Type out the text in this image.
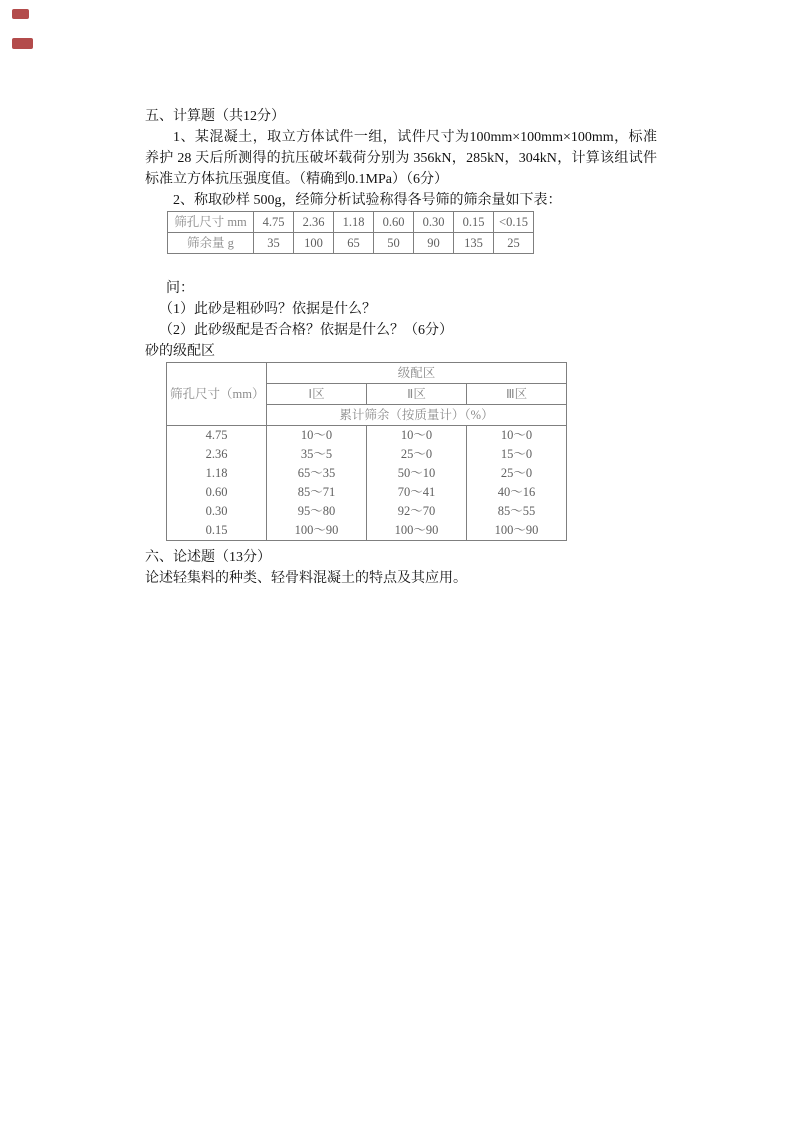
五、计算题（共12分）

1、某混凝土，取立方体试件一组，试件尺寸为100mm×100mm×100mm，标准养护 28 天后所测得的抗压破坏载荷分别为 356kN，285kN，304kN，计算该组试件标准立方体抗压强度值。（精确到0.1MPa）（6分）

2、称取砂样 500g，经筛分析试验称得各号筛的筛余量如下表：

筛孔尺寸 mm	4.75	2.36	1.18	0.60	0.30	0.15	<0.15
筛余量 g	35	100	65	50	90	135	25

问：

（1）此砂是粗砂吗？依据是什么？

（2）此砂级配是否合格？依据是什么？（6分）

砂的级配区

筛孔尺寸（mm）	级配区		
	Ⅰ区	Ⅱ区	Ⅲ区
	累计筛余（按质量计）（%）		
4.75	10～0	10～0	10～0
2.36	35～5	25～0	15～0
1.18	65～35	50～10	25～0
0.60	85～71	70～41	40～16
0.30	95～80	92～70	85～55
0.15	100～90	100～90	100～90

六、论述题（13分）

论述轻集料的种类、轻骨料混凝土的特点及其应用。
